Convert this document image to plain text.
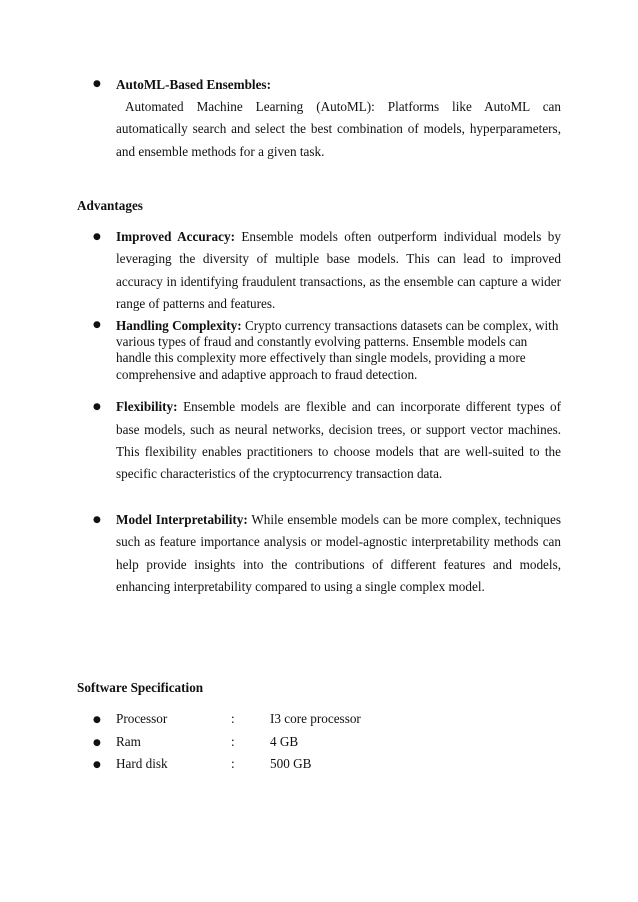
● AutoML-Based Ensembles:

Automated Machine Learning (AutoML): Platforms like AutoML can automatically search and select the best combination of models, hyperparameters, and ensemble methods for a given task.

Advantages

● Improved Accuracy: Ensemble models often outperform individual models by leveraging the diversity of multiple base models. This can lead to improved accuracy in identifying fraudulent transactions, as the ensemble can capture a wider range of patterns and features.

● Handling Complexity: Crypto currency transactions datasets can be complex, with various types of fraud and constantly evolving patterns. Ensemble models can handle this complexity more effectively than single models, providing a more comprehensive and adaptive approach to fraud detection.

● Flexibility: Ensemble models are flexible and can incorporate different types of base models, such as neural networks, decision trees, or support vector machines. This flexibility enables practitioners to choose models that are well-suited to the specific characteristics of the cryptocurrency transaction data.

● Model Interpretability: While ensemble models can be more complex, techniques such as feature importance analysis or model-agnostic interpretability methods can help provide insights into the contributions of different features and models, enhancing interpretability compared to using a single complex model.

Software Specification

● Processor	:	I3 core processor
● Ram	:	4 GB
● Hard disk	:	500 GB
